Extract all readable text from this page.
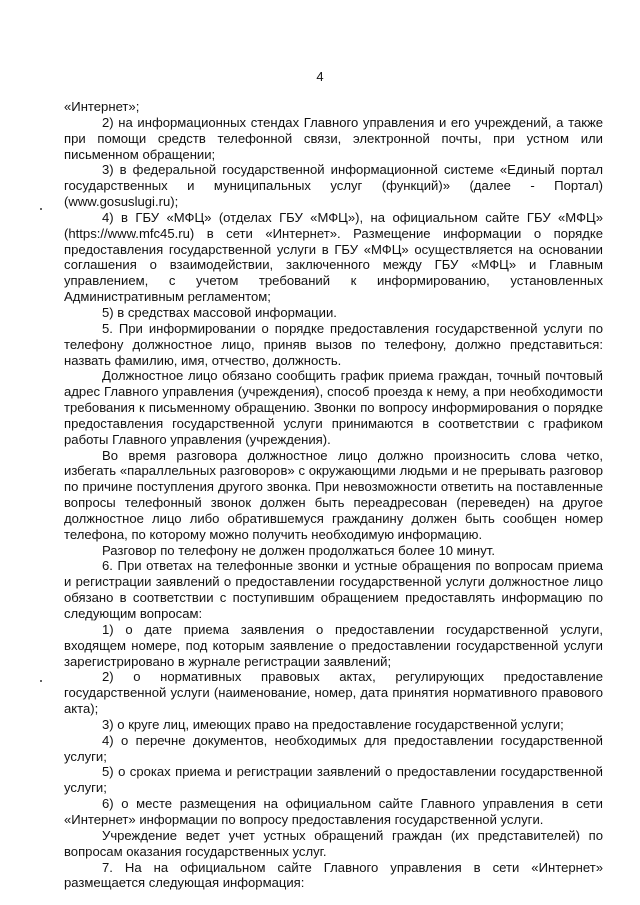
4

«Интернет»;

2) на информационных стендах Главного управления и его учреждений, а также при помощи средств телефонной связи, электронной почты, при устном или письменном обращении;

3) в федеральной государственной информационной системе «Единый портал государственных и муниципальных услуг (функций)» (далее - Портал) (www.gosuslugi.ru);

4) в ГБУ «МФЦ» (отделах ГБУ «МФЦ»), на официальном сайте ГБУ «МФЦ» (https://www.mfc45.ru) в сети «Интернет». Размещение информации о порядке предоставления государственной услуги в ГБУ «МФЦ» осуществляется на основании соглашения о взаимодействии, заключенного между ГБУ «МФЦ» и Главным управлением, с учетом требований к информированию, установленных Административным регламентом;

5) в средствах массовой информации.

5. При информировании о порядке предоставления государственной услуги по телефону должностное лицо, приняв вызов по телефону, должно представиться: назвать фамилию, имя, отчество, должность.

Должностное лицо обязано сообщить график приема граждан, точный почтовый адрес Главного управления (учреждения), способ проезда к нему, а при необходимости требования к письменному обращению. Звонки по вопросу информирования о порядке предоставления государственной услуги принимаются в соответствии с графиком работы Главного управления (учреждения).

Во время разговора должностное лицо должно произносить слова четко, избегать «параллельных разговоров» с окружающими людьми и не прерывать разговор по причине поступления другого звонка. При невозможности ответить на поставленные вопросы телефонный звонок должен быть переадресован (переведен) на другое должностное лицо либо обратившемуся гражданину должен быть сообщен номер телефона, по которому можно получить необходимую информацию.

Разговор по телефону не должен продолжаться более 10 минут.

6. При ответах на телефонные звонки и устные обращения по вопросам приема и регистрации заявлений о предоставлении государственной услуги должностное лицо обязано в соответствии с поступившим обращением предоставлять информацию по следующим вопросам:

1) о дате приема заявления о предоставлении государственной услуги, входящем номере, под которым заявление о предоставлении государственной услуги зарегистрировано в журнале регистрации заявлений;

2) о нормативных правовых актах, регулирующих предоставление государственной услуги (наименование, номер, дата принятия нормативного правового акта);

3) о круге лиц, имеющих право на предоставление государственной услуги;

4) о перечне документов, необходимых для предоставлении государственной услуги;

5) о сроках приема и регистрации заявлений о предоставлении государственной услуги;

6) о месте размещения на официальном сайте Главного управления в сети «Интернет» информации по вопросу предоставления государственной услуги.

Учреждение ведет учет устных обращений граждан (их представителей) по вопросам оказания государственных услуг.

7. На на официальном сайте Главного управления в сети «Интернет» размещается следующая информация:
